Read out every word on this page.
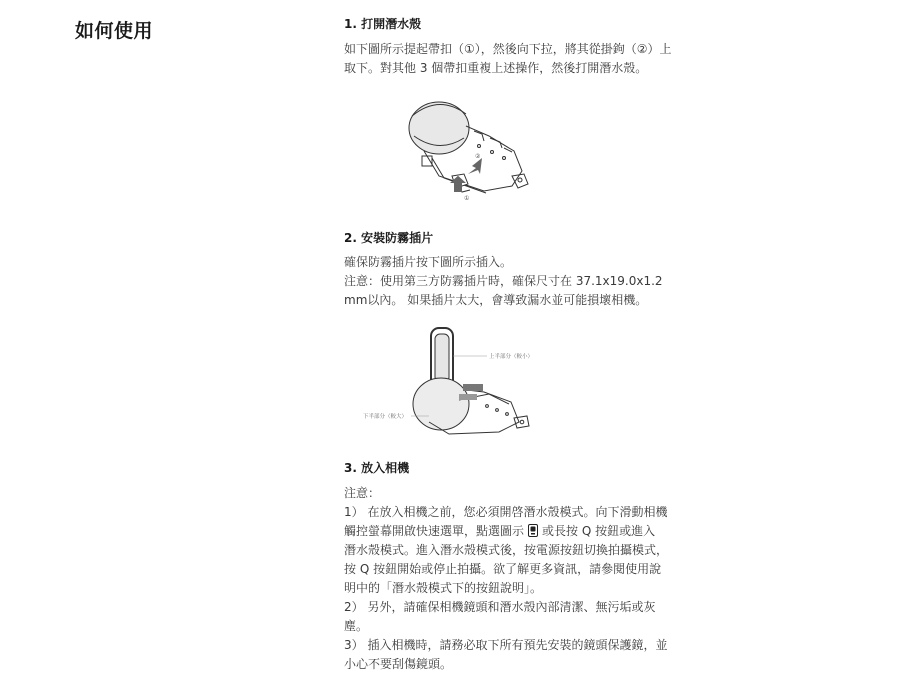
如何使用	1. 打開潛水殼

如下圖所示提起帶扣（①），然後向下拉，將其從掛鉤（②）上

取下。對其他 3 個帶扣重複上述操作，然後打開潛水殼。

②
①
2. 安裝防霧插片

確保防霧插片按下圖所示插入。

注意：使用第三方防霧插片時，確保尺寸在 37.1x19.0x1.2

mm以內。 如果插片太大，會導致漏水並可能損壞相機。

上半部分（較小）
下半部分（較大）
3. 放入相機

注意：

1） 在放入相機之前，您必須開啓潛水殼模式。向下滑動相機

觸控螢幕開啟快速選單，點選圖示 或長按 Q 按鈕或進入

潛水殼模式。進入潛水殼模式後，按電源按鈕切換拍攝模式，

按 Q 按鈕開始或停止拍攝。欲了解更多資訊，請參閱使用說

明中的「潛水殼模式下的按鈕說明」。

2） 另外，請確保相機鏡頭和潛水殼內部清潔、無污垢或灰

塵。

3） 插入相機時，請務必取下所有預先安裝的鏡頭保護鏡，並

小心不要刮傷鏡頭。
